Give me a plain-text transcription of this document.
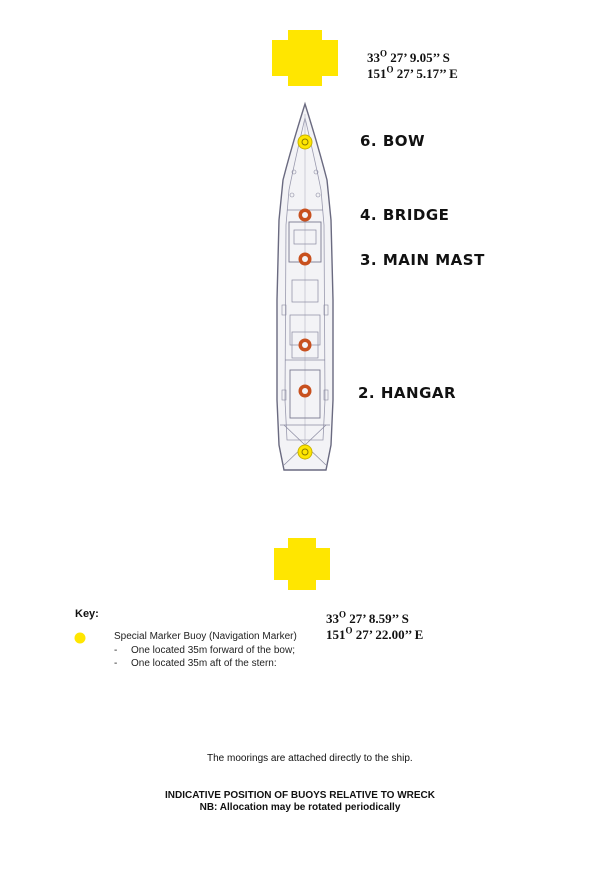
$33^O$ 27’ 9.05’’ S
$151^O$ 27’ 5.17’’ E
6. BOW
4. BRIDGE
3. MAIN MAST
2. HANGAR
$33^O$ 27’ 8.59’’ S
$151^O$ 27’ 22.00’’ E
Key:
Special Marker Buoy (Navigation Marker)
- One located 35m forward of the bow;
- One located 35m aft of the stern:
The moorings are attached directly to the ship.
INDICATIVE POSITION OF BUOYS RELATIVE TO WRECK
NB: Allocation may be rotated periodically
